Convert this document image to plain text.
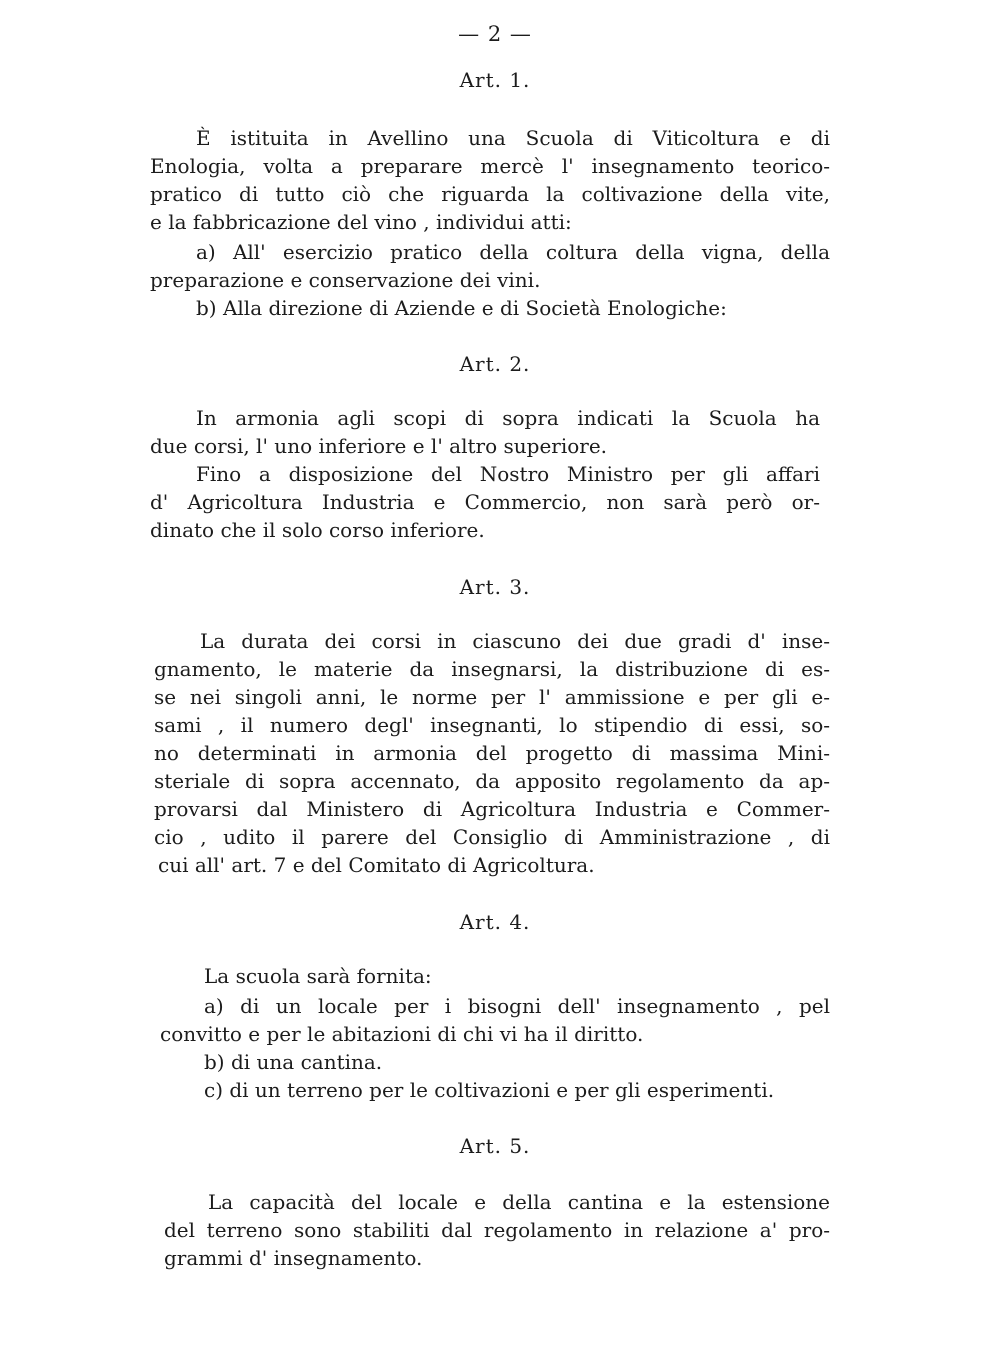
— 2 —
Art. 1.

È istituita in Avellino una Scuola di Viticoltura e di

Enologia, volta a preparare mercè l' insegnamento teorico-

pratico di tutto ciò che riguarda la coltivazione della vite,

e la fabbricazione del vino , individui atti:

a) All' esercizio pratico della coltura della vigna, della

preparazione e conservazione dei vini.

b) Alla direzione di Aziende e di Società Enologiche:

Art. 2.

In armonia agli scopi di sopra indicati la Scuola ha

due corsi, l' uno inferiore e l' altro superiore.

Fino a disposizione del Nostro Ministro per gli affari

d' Agricoltura Industria e Commercio, non sarà però or-

dinato che il solo corso inferiore.

Art. 3.

La durata dei corsi in ciascuno dei due gradi d' inse-

gnamento, le materie da insegnarsi, la distribuzione di es-

se nei singoli anni, le norme per l' ammissione e per gli e-

sami , il numero degl' insegnanti, lo stipendio di essi, so-

no determinati in armonia del progetto di massima Mini-

steriale di sopra accennato, da apposito regolamento da ap-

provarsi dal Ministero di Agricoltura Industria e Commer-

cio , udito il parere del Consiglio di Amministrazione , di

cui all' art. 7 e del Comitato di Agricoltura.

Art. 4.

La scuola sarà fornita:

a) di un locale per i bisogni dell' insegnamento , pel

convitto e per le abitazioni di chi vi ha il diritto.

b) di una cantina.

c) di un terreno per le coltivazioni e per gli esperimenti.

Art. 5.

La capacità del locale e della cantina e la estensione

del terreno sono stabiliti dal regolamento in relazione a' pro-

grammi d' insegnamento.
